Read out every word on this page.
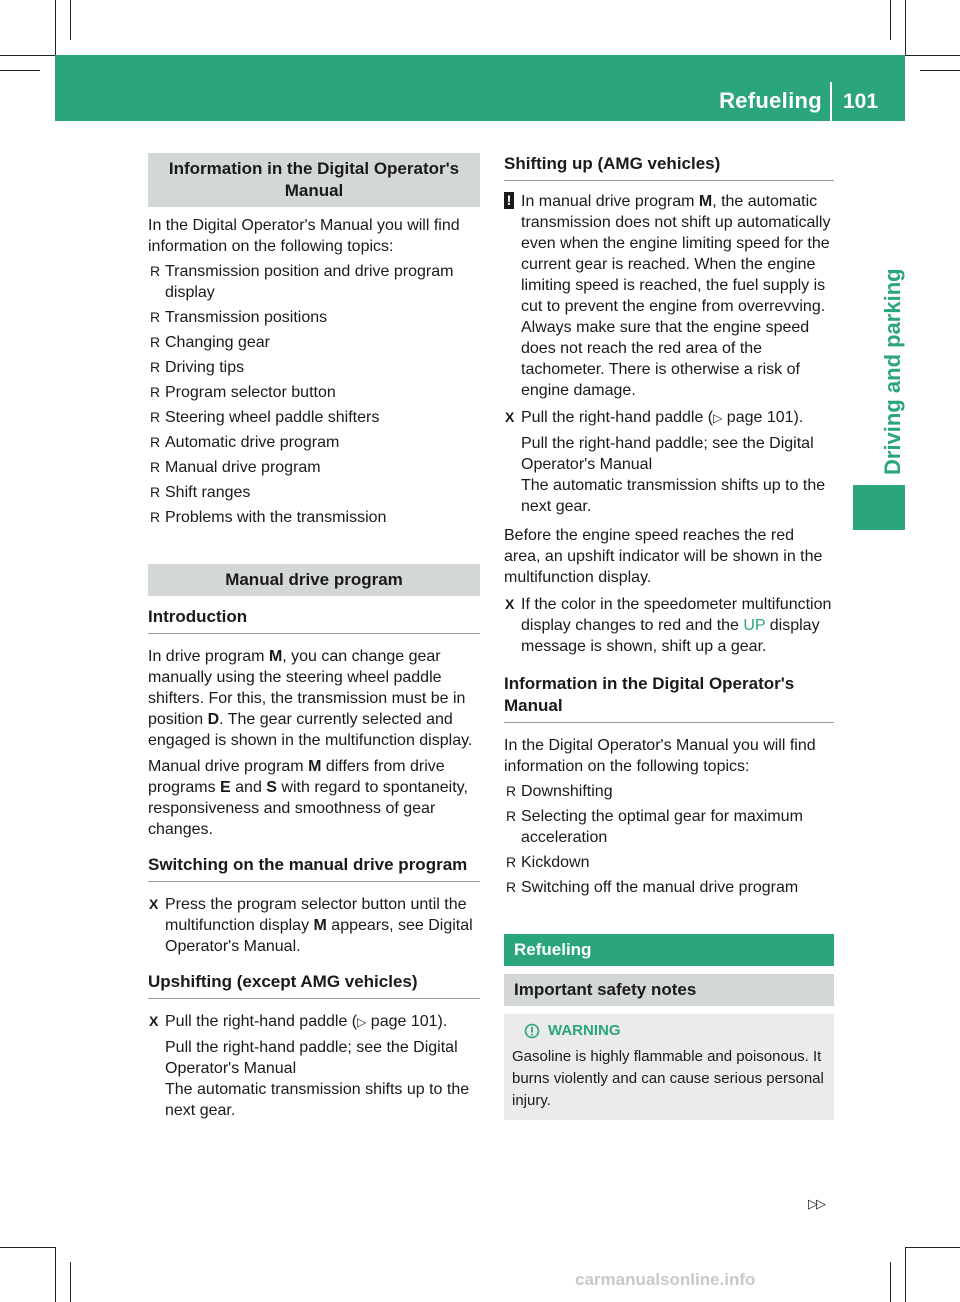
Refueling 101
Driving and parking
Information in the Digital Operator's Manual

In the Digital Operator's Manual you will find information on the following topics:

R Transmission position and drive program display
R Transmission positions
R Changing gear
R Driving tips
R Program selector button
R Steering wheel paddle shifters
R Automatic drive program
R Manual drive program
R Shift ranges
R Problems with the transmission
Manual drive program
Introduction

In drive program M, you can change gear manually using the steering wheel paddle shifters. For this, the transmission must be in position D. The gear currently selected and engaged is shown in the multifunction display.

Manual drive program M differs from drive programs E and S with regard to spontaneity, responsiveness and smoothness of gear changes.

Switching on the manual drive program
X Press the program selector button until the multifunction display M appears, see Digital Operator's Manual.
Upshifting (except AMG vehicles)
X Pull the right-hand paddle (▷ page 101).

Pull the right-hand paddle; see the Digital Operator's Manual

The automatic transmission shifts up to the next gear.

Shifting up (AMG vehicles)
! In manual drive program M, the automatic transmission does not shift up automatically even when the engine limiting speed for the current gear is reached. When the engine limiting speed is reached, the fuel supply is cut to prevent the engine from overrevving. Always make sure that the engine speed does not reach the red area of the tachometer. There is otherwise a risk of engine damage.
X Pull the right-hand paddle (▷ page 101).

Pull the right-hand paddle; see the Digital Operator's Manual

The automatic transmission shifts up to the next gear.

Before the engine speed reaches the red area, an upshift indicator will be shown in the multifunction display.

X If the color in the speedometer multifunction display changes to red and the UP display message is shown, shift up a gear.
Information in the Digital Operator's Manual

In the Digital Operator's Manual you will find information on the following topics:

R Downshifting
R Selecting the optimal gear for maximum acceleration
R Kickdown
R Switching off the manual drive program
Refueling
Important safety notes
WARNING

Gasoline is highly flammable and poisonous. It burns violently and can cause serious personal injury.

▷▷
carmanualsonline.info
